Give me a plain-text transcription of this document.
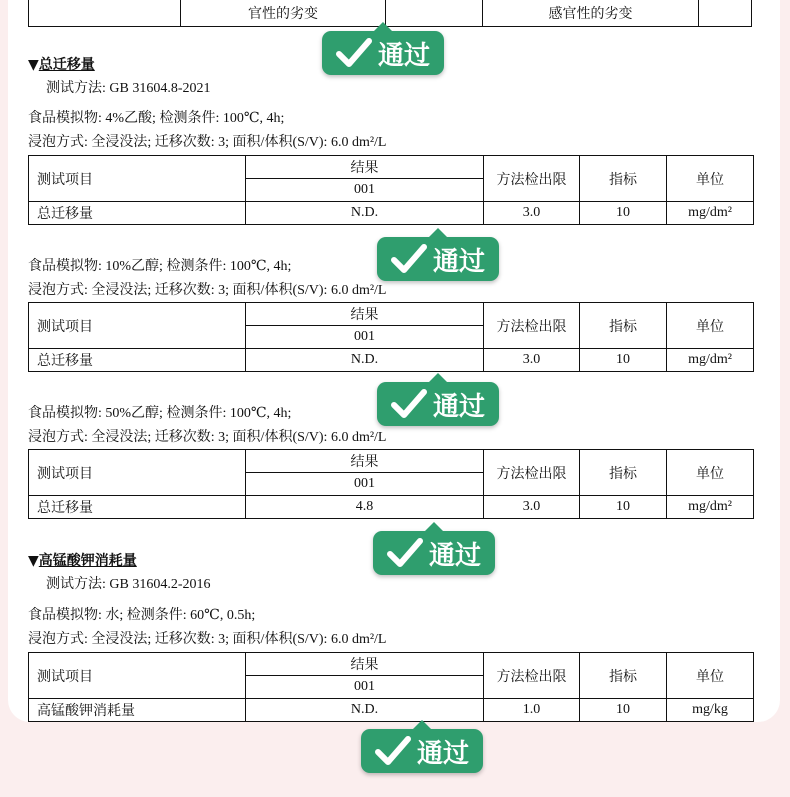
	官性的劣变		感官性的劣变	
通过
▼总迁移量
测试方法: GB 31604.8-2021
食品模拟物: 4%乙酸; 检测条件: 100℃, 4h;
浸泡方式: 全浸没法; 迁移次数: 3; 面积/体积(S/V): 6.0 dm²/L
测试项目	结果	方法检出限	指标	单位
	001			
总迁移量	N.D.	3.0	10	mg/dm²
通过
食品模拟物: 10%乙醇; 检测条件: 100℃, 4h;
浸泡方式: 全浸没法; 迁移次数: 3; 面积/体积(S/V): 6.0 dm²/L
测试项目	结果	方法检出限	指标	单位
	001			
总迁移量	N.D.	3.0	10	mg/dm²
通过
食品模拟物: 50%乙醇; 检测条件: 100℃, 4h;
浸泡方式: 全浸没法; 迁移次数: 3; 面积/体积(S/V): 6.0 dm²/L
测试项目	结果	方法检出限	指标	单位
	001			
总迁移量	4.8	3.0	10	mg/dm²
通过
▼高锰酸钾消耗量
测试方法: GB 31604.2-2016
食品模拟物: 水; 检测条件: 60℃, 0.5h;
浸泡方式: 全浸没法; 迁移次数: 3; 面积/体积(S/V): 6.0 dm²/L
测试项目	结果	方法检出限	指标	单位
	001			
高锰酸钾消耗量	N.D.	1.0	10	mg/kg
通过
